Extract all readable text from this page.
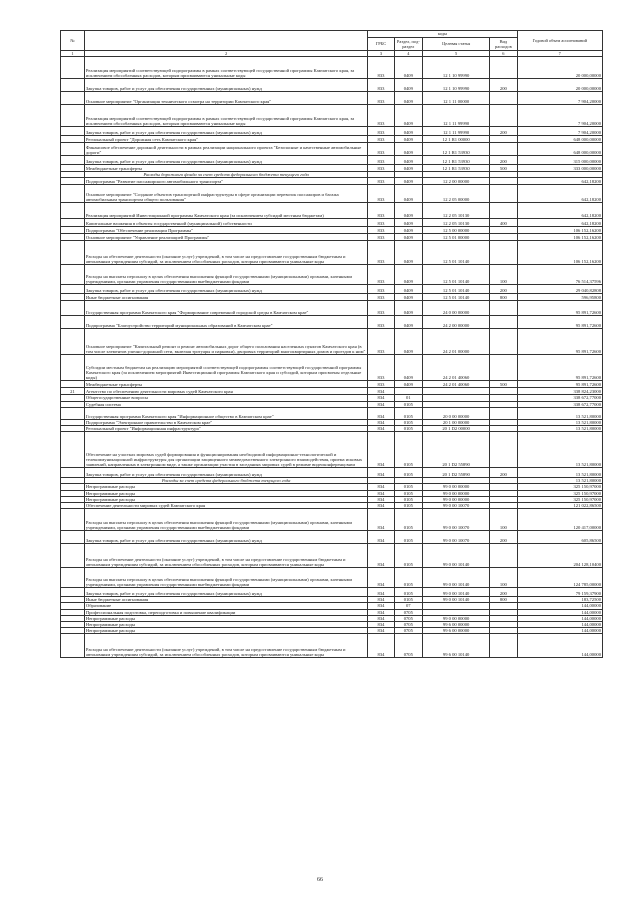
№		коды				Годовой объем ассигнований
		ГРБС	Раздел, под-раздел	Целевая статья	Вид расходов	
1	2	3	4	5	6	7
	Реализация мероприятий соответствующей подпрограммы в рамках соответствующей государственной программы Камчатского края, за исключением обособленных расходов, которым присваиваются уникальные коды	833	0409	12 1 10 99990		20 000,00000
	Закупка товаров, работ и услуг для обеспечения государственных (муниципальных) нужд	833	0409	12 1 10 99990	200	20 000,00000
	Основное мероприятие "Организация технического осмотра на территории Камчатского края"	833	0409	12 1 11 00000		7 904,20000
	Реализация мероприятий соответствующей подпрограммы в рамках соответствующей государственной программы Камчатского края, за исключением обособленных расходов, которым присваиваются уникальные коды	833	0409	12 1 11 99990		7 904,20000
	Закупка товаров, работ и услуг для обеспечения государственных (муниципальных) нужд	833	0409	12 1 11 99990	200	7 904,20000
	Региональный проект "Дорожная сеть Камчатского края"	833	0409	12 1 R1 00000		648 000,00000
	Финансовое обеспечение дорожной деятельности в рамках реализации национального проекта "Безопасные и качественные автомобильные дороги"	833	0409	12 1 R1 53930		648 000,00000
	Закупка товаров, работ и услуг для обеспечения государственных (муниципальных) нужд	833	0409	12 1 R1 53930	200	315 000,00000
	Межбюджетные трансферты	833	0409	12 1 R1 53930	500	333 000,00000
	Расходы дорожного фонда за счет средств федерального бюджета текущего года					
	Подпрограмма "Развитие пассажирского автомобильного транспорта"	833	0409	12 2 00 00000		642,18200
	Основное мероприятие "Создание объектов транспортной инфраструктуры в сфере организации перевозок пассажиров и багажа автомобильным транспортом общего пользования"	833	0409	12 2 05 00000		642,18200
	Реализация мероприятий Инвестиционной программы Камчатского края (за исключением субсидий местным бюджетам)	833	0409	12 2 05 10130		642,18200
	Капитальные вложения в объекты государственной (муниципальной) собственности	833	0409	12 2 05 10130	400	642,18200
	Подпрограмма "Обеспечение реализации Программы"	833	0409	12 5 00 00000		106 152,16200
	Основное мероприятие "Управление реализацией Программы"	833	0409	12 5 01 00000		106 152,16200
	Расходы на обеспечение деятельности (оказание услуг) учреждений, в том числе на предоставление государственным бюджетным и автономным учреждениям субсидий, за исключением обособленных расходов, которым присваиваются уникальные коды	833	0409	12 5 01 10140		106 152,16200
	Расходы на выплаты персоналу в целях обеспечения выполнения функций государственными (муниципальными) органами, казенными учреждениями, органами управления государственными внебюджетными фондами	833	0409	12 5 01 10140	100	76 514,37596
	Закупка товаров, работ и услуг для обеспечения государственных (муниципальных) нужд	833	0409	12 5 01 10140	200	29 040,82808
	Иные бюджетные ассигнования	833	0409	12 5 01 10140	800	596,95800
	Государственная программа Камчатского края "Формирование современной городской среды в Камчатском крае"	833	0409	24 0 00 00000		95 891,72600
	Подпрограмма "Благоустройство территорий муниципальных образований в Камчатском крае"	833	0409	24 2 00 00000		95 891,72600
	Основное мероприятие "Капитальный ремонт и ремонт автомобильных дорог общего пользования населенных пунктов Камчатского края (в том числе элементов улично-дорожной сети, включая тротуары и парковки), дворовых территорий многоквартирных домов и проездов к ним"	833	0409	24 2 01 00000		95 891,72600
	Субсидии местным бюджетам на реализацию мероприятий соответствующей подпрограммы соответствующей государственной программы Камчатского края (за исключением мероприятий Инвестиционной программы Камчатского края и субсидий, которым присвоены отдельные коды)	833	0409	24 2 01 40060		95 891,72600
	Межбюджетные трансферты	833	0409	24 2 01 40060	500	95 891,72600
21	Агентство по обеспечению деятельности мировых судей Камчатского края	834				338 824,23000
	Общегосударственные вопросы	834	01			338 672,77000
	Судебная система	834	0105			338 672,77000
	Государственная программа Камчатского края "Информационное общество в Камчатском крае"	834	0105	20 0 00 00000		13 521,80000
	Подпрограмма "Электронное правительство в Камчатском крае"	834	0105	20 1 00 00000		13 521,80000
	Региональный проект "Информационная инфраструктура"	834	0105	20 1 D2 00000		13 521,80000
	Обеспечение на участках мировых судей формирования и функционирования необходимой информационно-технологической и телекоммуникационной инфраструктуры для организации защищенного межведомственного электронного взаимодействия, приема исковых заявлений, направленных в электронном виде, а также организации участия в заседаниях мировых судей в режиме видеоконференцсвязи	834	0105	20 1 D2 55890		13 521,80000
	Закупка товаров, работ и услуг для обеспечения государственных (муниципальных) нужд	834	0105	20 1 D2 55890	200	13 521,80000
	Расходы за счет средств федерального бюджета текущего года					13 521,80000
	Непрограммные расходы	834	0105	99 0 00 00000		325 150,97000
	Непрограммные расходы	834	0105	99 0 00 00000		325 150,97000
	Непрограммные расходы	834	0105	99 0 00 00000		325 150,97000
	Обеспечение деятельности мировых судей Камчатского края	834	0105	99 0 00 10070		121 022,86500
	Расходы на выплаты персоналу в целях обеспечения выполнения функций государственными (муниципальными) органами, казенными учреждениями, органами управления государственными внебюджетными фондами	834	0105	99 0 00 10070	100	120 417,00000
	Закупка товаров, работ и услуг для обеспечения государственных (муниципальных) нужд	834	0105	99 0 00 10070	200	605,86500
	Расходы на обеспечение деятельности (оказание услуг) учреждений, в том числе на предоставление государственным бюджетным и автономным учреждениям субсидий, за исключением обособленных расходов, которым присваиваются уникальные коды	834	0105	99 0 00 10140		204 128,10400
	Расходы на выплаты персоналу в целях обеспечения выполнения функций государственными (муниципальными) органами, казенными учреждениями, органами управления государственными внебюджетными фондами	834	0105	99 0 00 10140	100	124 785,00000
	Закупка товаров, работ и услуг для обеспечения государственных (муниципальных) нужд	834	0105	99 0 00 10140	200	79 159,37900
	Иные бюджетные ассигнования	834	0105	99 0 00 10140	800	183,72500
	Образование	834	07			144,00000
	Профессиональная подготовка, переподготовка и повышение квалификации	834	0705			144,00000
	Непрограммные расходы	834	0705	99 0 00 00000		144,00000
	Непрограммные расходы	834	0705	99 6 00 00000		144,00000
	Непрограммные расходы	834	0705	99 6 00 00000		144,00000
	Расходы на обеспечение деятельности (оказание услуг) учреждений, в том числе на предоставление государственным бюджетным и автономным учреждениям субсидий, за исключением обособленных расходов, которым присваиваются уникальные коды	834	0705	99 6 00 10140		144,00000
66
